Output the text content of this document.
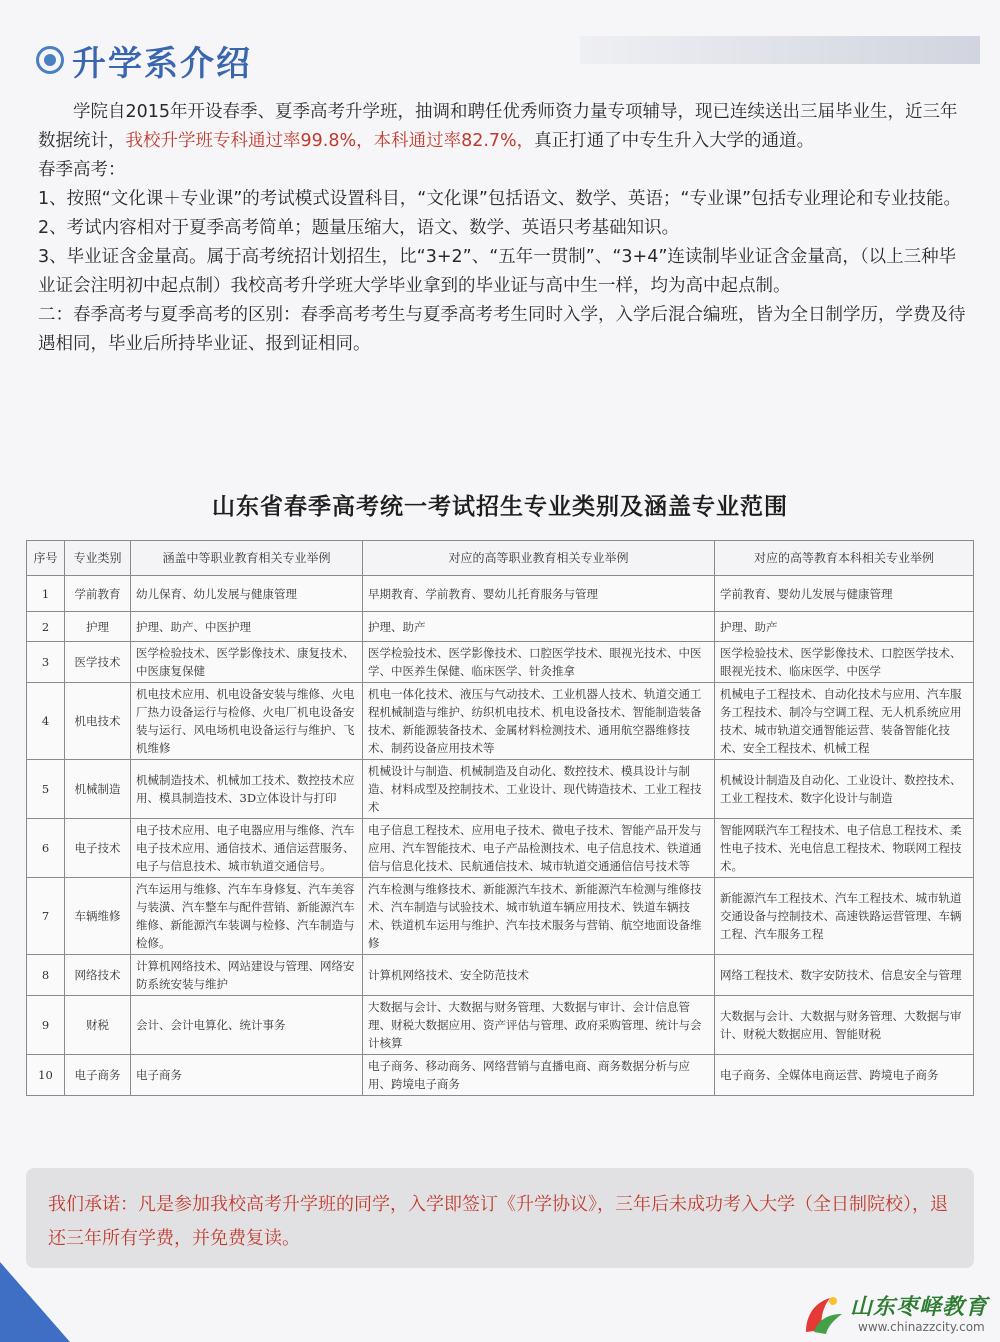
升学系介绍

学院自2015年开设春季、夏季高考升学班，抽调和聘任优秀师资力量专项辅导，现已连续送出三届毕业生，近三年数据统计，我校升学班专科通过率99.8%，本科通过率82.7%，真正打通了中专生升入大学的通道。

春季高考：

1、按照“文化课＋专业课”的考试模式设置科目，“文化课”包括语文、数学、英语；“专业课”包括专业理论和专业技能。

2、考试内容相对于夏季高考简单；题量压缩大，语文、数学、英语只考基础知识。

3、毕业证含金量高。属于高考统招计划招生，比“3+2”、“五年一贯制”、“3+4”连读制毕业证含金量高，（以上三种毕业证会注明初中起点制）我校高考升学班大学毕业拿到的毕业证与高中生一样，均为高中起点制。

二：春季高考与夏季高考的区别：春季高考考生与夏季高考考生同时入学，入学后混合编班，皆为全日制学历，学费及待遇相同，毕业后所持毕业证、报到证相同。

山东省春季高考统一考试招生专业类别及涵盖专业范围
序号	专业类别	涵盖中等职业教育相关专业举例	对应的高等职业教育相关专业举例	对应的高等教育本科相关专业举例
1	学前教育	幼儿保育、幼儿发展与健康管理	早期教育、学前教育、婴幼儿托育服务与管理	学前教育、婴幼儿发展与健康管理
2	护理	护理、助产、中医护理	护理、助产	护理、助产
3	医学技术	医学检验技术、医学影像技术、康复技术、中医康复保健	医学检验技术、医学影像技术、口腔医学技术、眼视光技术、中医学、中医养生保健、临床医学、针灸推拿	医学检验技术、医学影像技术、口腔医学技术、眼视光技术、临床医学、中医学
4	机电技术	机电技术应用、机电设备安装与维修、火电厂热力设备运行与检修、火电厂机电设备安装与运行、风电场机电设备运行与维护、飞机维修	机电一体化技术、液压与气动技术、工业机器人技术、轨道交通工程机械制造与维护、纺织机电技术、机电设备技术、智能制造装备技术、新能源装备技术、金属材料检测技术、通用航空器维修技术、制药设备应用技术等	机械电子工程技术、自动化技术与应用、汽车服务工程技术、制冷与空调工程、无人机系统应用技术、城市轨道交通智能运营、装备智能化技术、安全工程技术、机械工程
5	机械制造	机械制造技术、机械加工技术、数控技术应用、模具制造技术、3D立体设计与打印	机械设计与制造、机械制造及自动化、数控技术、模具设计与制造、材料成型及控制技术、工业设计、现代铸造技术、工业工程技术	机械设计制造及自动化、工业设计、数控技术、工业工程技术、数字化设计与制造
6	电子技术	电子技术应用、电子电器应用与维修、汽车电子技术应用、通信技术、通信运营服务、电子与信息技术、城市轨道交通信号。	电子信息工程技术、应用电子技术、微电子技术、智能产品开发与应用、汽车智能技术、电子产品检测技术、电子信息技术、铁道通信与信息化技术、民航通信技术、城市轨道交通通信信号技术等	智能网联汽车工程技术、电子信息工程技术、柔性电子技术、光电信息工程技术、物联网工程技术。
7	车辆维修	汽车运用与维修、汽车车身修复、汽车美容与装潢、汽车整车与配件营销、新能源汽车维修、新能源汽车装调与检修、汽车制造与检修。	汽车检测与维修技术、新能源汽车技术、新能源汽车检测与维修技术、汽车制造与试验技术、城市轨道车辆应用技术、铁道车辆技术、铁道机车运用与维护、汽车技术服务与营销、航空地面设备维修	新能源汽车工程技术、汽车工程技术、城市轨道交通设备与控制技术、高速铁路运营管理、车辆工程、汽车服务工程
8	网络技术	计算机网络技术、网站建设与管理、网络安防系统安装与维护	计算机网络技术、安全防范技术	网络工程技术、数字安防技术、信息安全与管理
9	财税	会计、会计电算化、统计事务	大数据与会计、大数据与财务管理、大数据与审计、会计信息管理、财税大数据应用、资产评估与管理、政府采购管理、统计与会计核算	大数据与会计、大数据与财务管理、大数据与审计、财税大数据应用、智能财税
10	电子商务	电子商务	电子商务、移动商务、网络营销与直播电商、商务数据分析与应用、跨境电子商务	电子商务、全媒体电商运营、跨境电子商务
我们承诺：凡是参加我校高考升学班的同学，入学即签订《升学协议》，三年后未成功考入大学（全日制院校），退还三年所有学费，并免费复读。
山东枣峄教育
www.chinazzcity.com
